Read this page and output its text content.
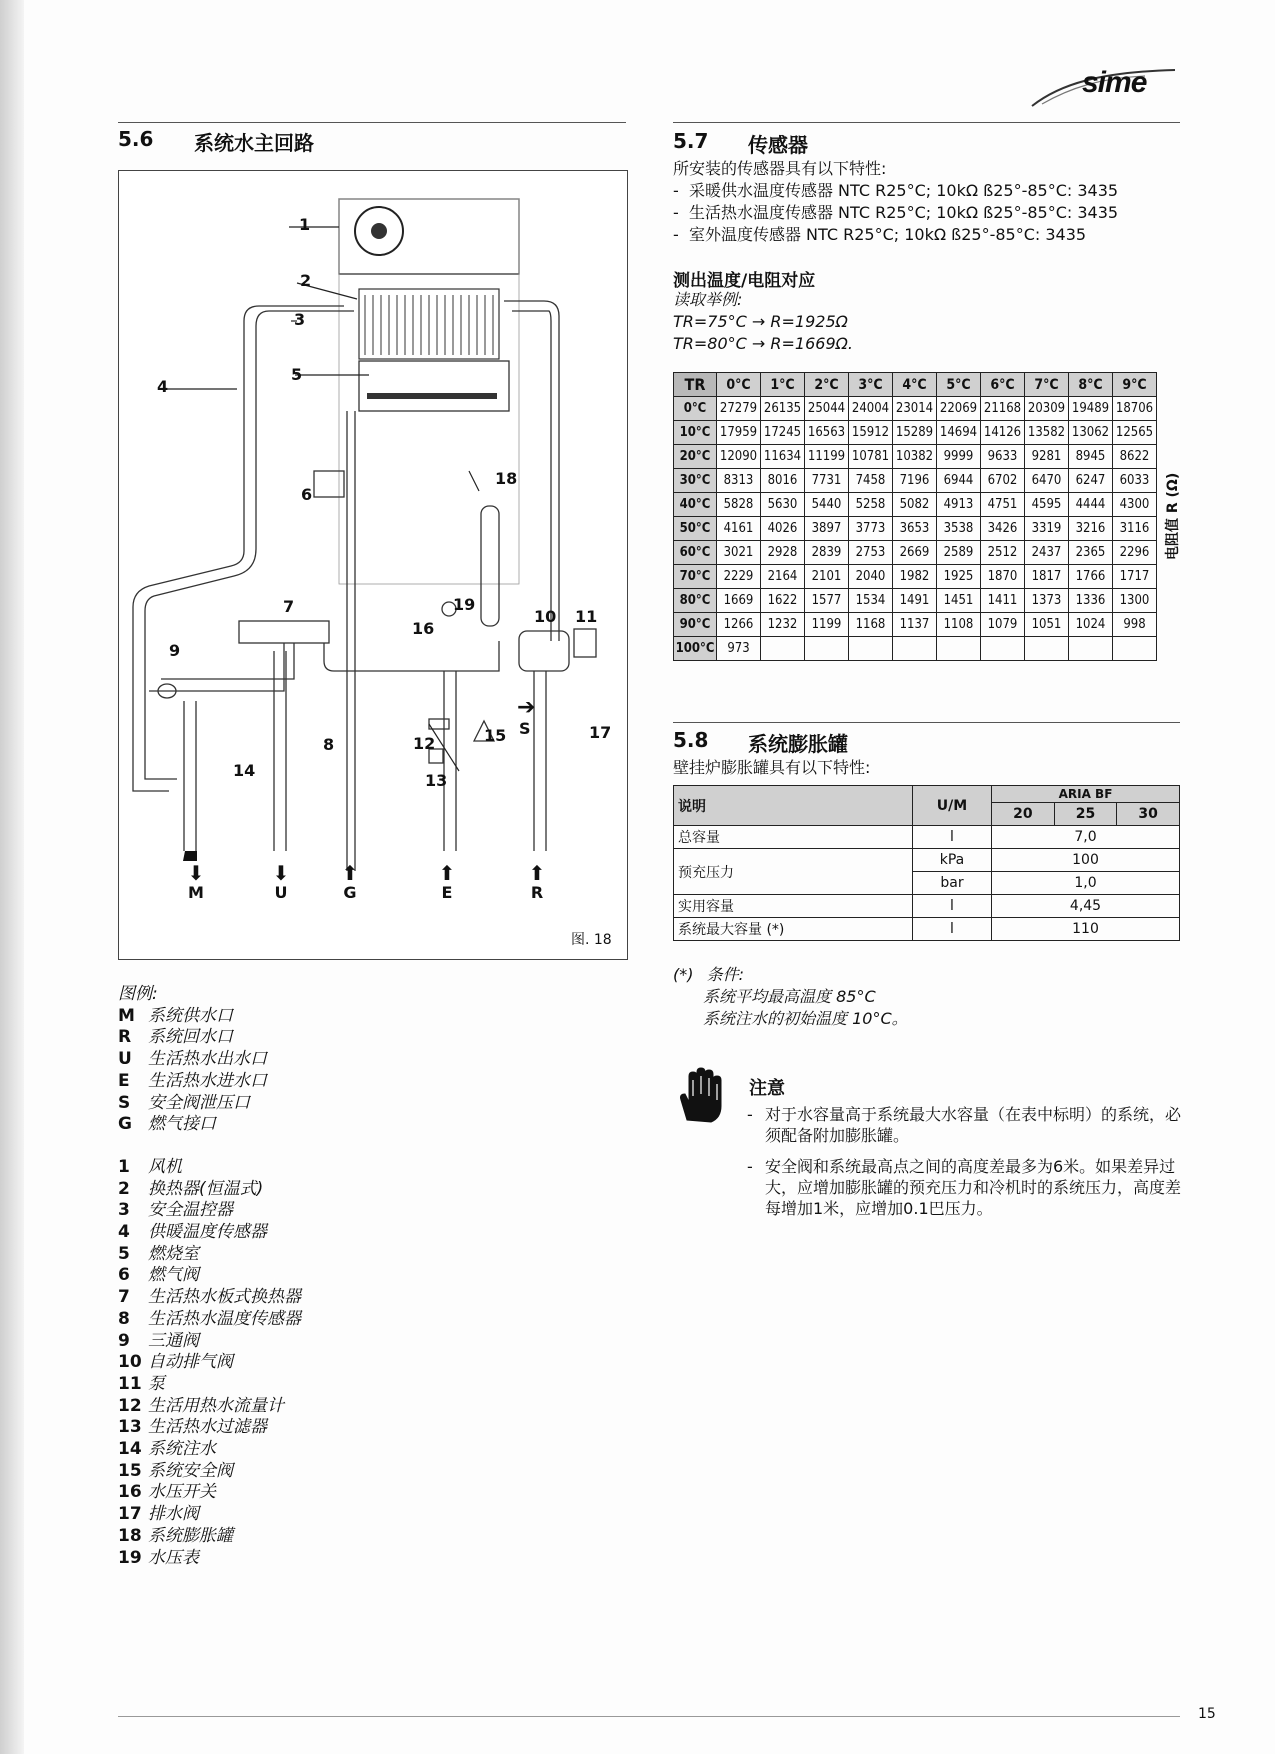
sime
5.6 系统水主回路
1
2
3
4
5
6
7
8
9
10 11
12
13
14
15
16
17
18
19
➔
S
⬇
M
⬇
U
⬆
G
⬆
E
⬆
R
图. 18
图例:
M 系统供水口
R 系统回水口
U 生活热水出水口
E 生活热水进水口
S 安全阀泄压口
G 燃气接口
1 风机
2 换热器(恒温式)
3 安全温控器
4 供暖温度传感器
5 燃烧室
6 燃气阀
7 生活热水板式换热器
8 生活热水温度传感器
9 三通阀
10 自动排气阀
11 泵
12 生活用热水流量计
13 生活热水过滤器
14 系统注水
15 系统安全阀
16 水压开关
17 排水阀
18 系统膨胀罐
19 水压表
5.7 传感器
所安装的传感器具有以下特性:
-  采暖供水温度传感器 NTC R25°C; 10kΩ ß25°-85°C: 3435
-  生活热水温度传感器 NTC R25°C; 10kΩ ß25°-85°C: 3435
-  室外温度传感器 NTC R25°C; 10kΩ ß25°-85°C: 3435
测出温度/电阻对应
读取举例:
TR=75°C → R=1925Ω
TR=80°C → R=1669Ω.
TR	0°C	1°C	2°C	3°C	4°C	5°C	6°C	7°C	8°C	9°C
0°C	27279	26135	25044	24004	23014	22069	21168	20309	19489	18706
10°C	17959	17245	16563	15912	15289	14694	14126	13582	13062	12565
20°C	12090	11634	11199	10781	10382	9999	9633	9281	8945	8622
30°C	8313	8016	7731	7458	7196	6944	6702	6470	6247	6033
40°C	5828	5630	5440	5258	5082	4913	4751	4595	4444	4300
50°C	4161	4026	3897	3773	3653	3538	3426	3319	3216	3116
60°C	3021	2928	2839	2753	2669	2589	2512	2437	2365	2296
70°C	2229	2164	2101	2040	1982	1925	1870	1817	1766	1717
80°C	1669	1622	1577	1534	1491	1451	1411	1373	1336	1300
90°C	1266	1232	1199	1168	1137	1108	1079	1051	1024	998
100°C	973									
电阻值 R (Ω)
5.8 系统膨胀罐
壁挂炉膨胀罐具有以下特性:
说明	U/M	ARIA BF		
		20	25	30
总容量	l	7,0		
预充压力	kPa	100		
	bar	1,0		
实用容量	l	4,45		
系统最大容量 (*)	l	110		
(*) 条件:
系统平均最高温度 85°C
系统注水的初始温度 10°C。
注意
- 对于水容量高于系统最大水容量（在表中标明）的系统，必须配备附加膨胀罐。
- 安全阀和系统最高点之间的高度差最多为6米。如果差异过大，应增加膨胀罐的预充压力和冷机时的系统压力，高度差每增加1米，应增加0.1巴压力。
15
